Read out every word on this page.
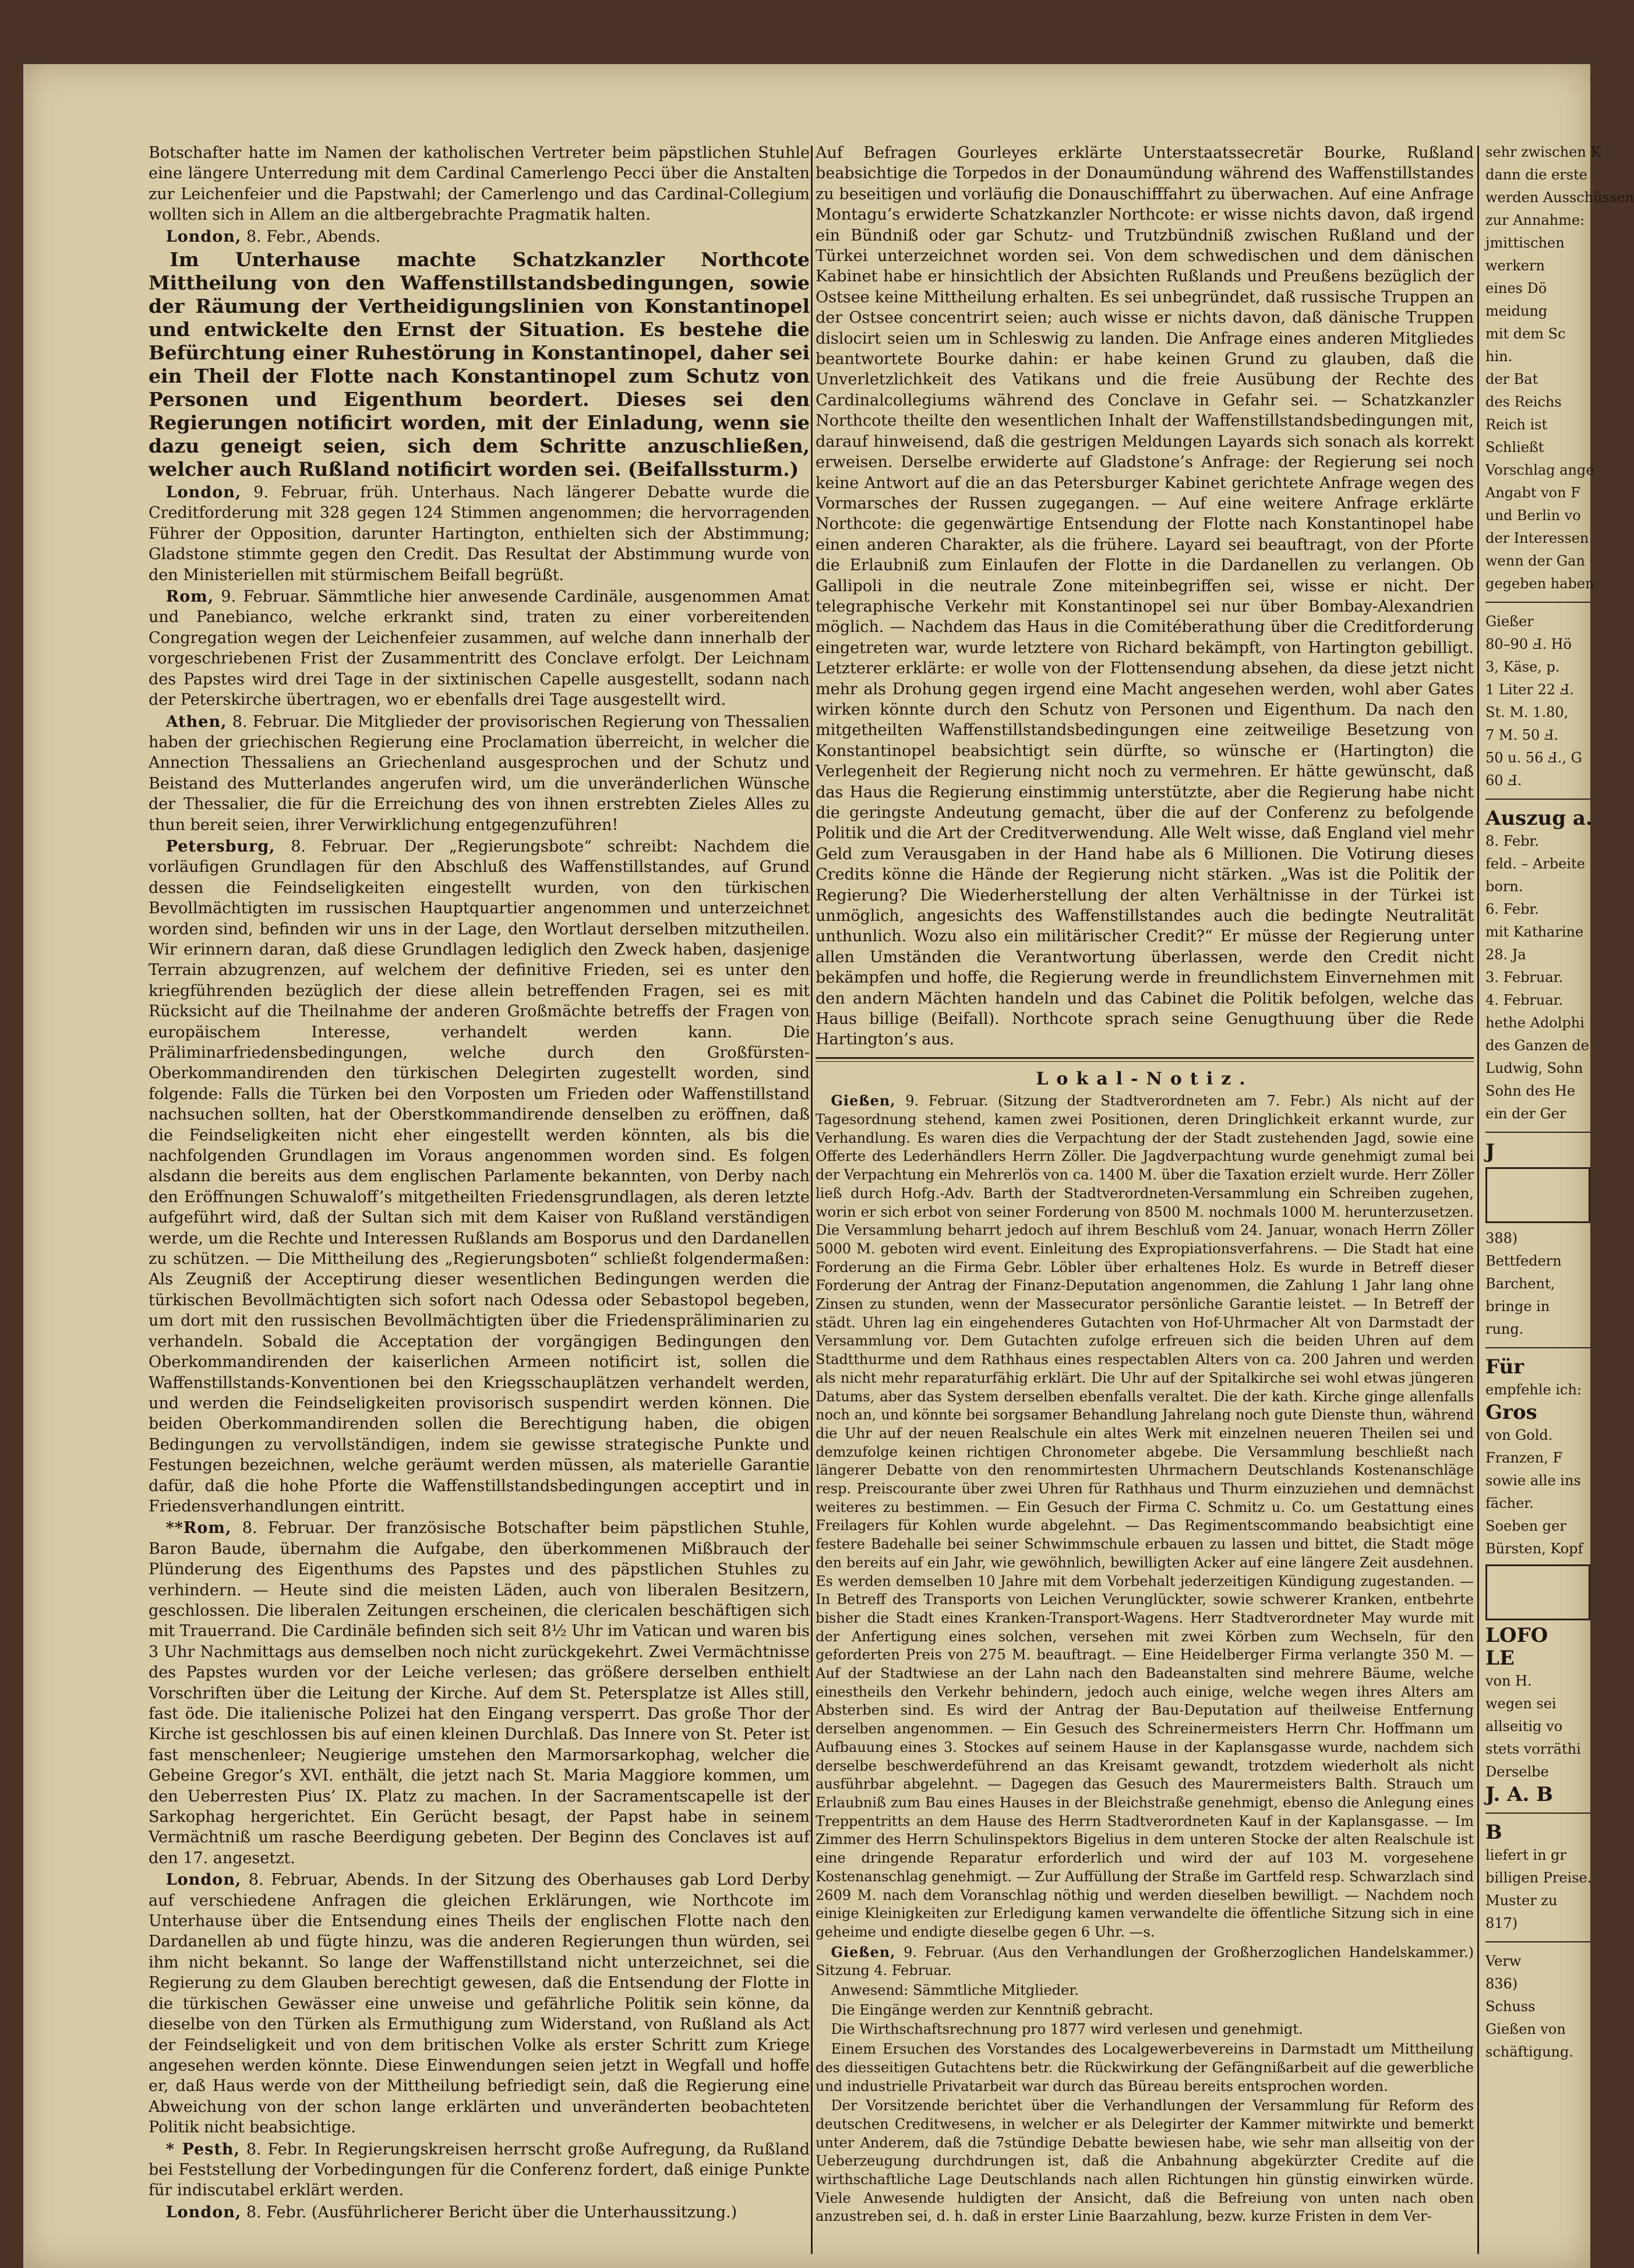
Botschafter hatte im Namen der katholischen Vertreter beim päpstlichen Stuhle eine längere Unterredung mit dem Cardinal Camerlengo Pecci über die Anstalten zur Leichenfeier und die Papstwahl; der Camerlengo und das Cardinal-Collegium wollten sich in Allem an die altbergebrachte Pragmatik halten.

London, 8. Febr., Abends.

Im Unterhause machte Schatzkanzler Northcote Mittheilung von den Waffenstillstandsbedingungen, sowie der Räumung der Vertheidigungslinien von Konstantinopel und entwickelte den Ernst der Situation. Es bestehe die Befürchtung einer Ruhestörung in Konstantinopel, daher sei ein Theil der Flotte nach Konstantinopel zum Schutz von Personen und Eigenthum beordert. Dieses sei den Regierungen notificirt worden, mit der Einladung, wenn sie dazu geneigt seien, sich dem Schritte anzuschließen, welcher auch Rußland notificirt worden sei. (Beifallssturm.)

London, 9. Februar, früh. Unterhaus. Nach längerer Debatte wurde die Creditforderung mit 328 gegen 124 Stimmen angenommen; die hervorragenden Führer der Opposition, darunter Hartington, enthielten sich der Abstimmung; Gladstone stimmte gegen den Credit. Das Resultat der Abstimmung wurde von den Ministeriellen mit stürmischem Beifall begrüßt.

Rom, 9. Februar. Sämmtliche hier anwesende Cardinäle, ausgenommen Amat und Panebianco, welche erkrankt sind, traten zu einer vorbereitenden Congregation wegen der Leichenfeier zusammen, auf welche dann innerhalb der vorgeschriebenen Frist der Zusammentritt des Conclave erfolgt. Der Leichnam des Papstes wird drei Tage in der sixtinischen Capelle ausgestellt, sodann nach der Peterskirche übertragen, wo er ebenfalls drei Tage ausgestellt wird.

Athen, 8. Februar. Die Mitglieder der provisorischen Regierung von Thessalien haben der griechischen Regierung eine Proclamation überreicht, in welcher die Annection Thessaliens an Griechenland ausgesprochen und der Schutz und Beistand des Mutterlandes angerufen wird, um die unveränderlichen Wünsche der Thessalier, die für die Erreichung des von ihnen erstrebten Zieles Alles zu thun bereit seien, ihrer Verwirklichung entgegenzuführen!

Petersburg, 8. Februar. Der „Regierungsbote“ schreibt: Nachdem die vorläufigen Grundlagen für den Abschluß des Waffenstillstandes, auf Grund dessen die Feindseligkeiten eingestellt wurden, von den türkischen Bevollmächtigten im russischen Hauptquartier angenommen und unterzeichnet worden sind, befinden wir uns in der Lage, den Wortlaut derselben mitzutheilen. Wir erinnern daran, daß diese Grundlagen lediglich den Zweck haben, dasjenige Terrain abzugrenzen, auf welchem der definitive Frieden, sei es unter den kriegführenden bezüglich der diese allein betreffenden Fragen, sei es mit Rücksicht auf die Theilnahme der anderen Großmächte betreffs der Fragen von europäischem Interesse, verhandelt werden kann. Die Präliminarfriedensbedingungen, welche durch den Großfürsten-Oberkommandirenden den türkischen Delegirten zugestellt worden, sind folgende: Falls die Türken bei den Vorposten um Frieden oder Waffenstillstand nachsuchen sollten, hat der Oberstkommandirende denselben zu eröffnen, daß die Feindseligkeiten nicht eher eingestellt werden könnten, als bis die nachfolgenden Grundlagen im Voraus angenommen worden sind. Es folgen alsdann die bereits aus dem englischen Parlamente bekannten, von Derby nach den Eröffnungen Schuwaloff’s mitgetheilten Friedensgrundlagen, als deren letzte aufgeführt wird, daß der Sultan sich mit dem Kaiser von Rußland verständigen werde, um die Rechte und Interessen Rußlands am Bosporus und den Dardanellen zu schützen. — Die Mittheilung des „Regierungsboten“ schließt folgendermaßen: Als Zeugniß der Acceptirung dieser wesentlichen Bedingungen werden die türkischen Bevollmächtigten sich sofort nach Odessa oder Sebastopol begeben, um dort mit den russischen Bevollmächtigten über die Friedenspräliminarien zu verhandeln. Sobald die Acceptation der vorgängigen Bedingungen den Oberkommandirenden der kaiserlichen Armeen notificirt ist, sollen die Waffenstillstands-Konventionen bei den Kriegsschauplätzen verhandelt werden, und werden die Feindseligkeiten provisorisch suspendirt werden können. Die beiden Oberkommandirenden sollen die Berechtigung haben, die obigen Bedingungen zu vervollständigen, indem sie gewisse strategische Punkte und Festungen bezeichnen, welche geräumt werden müssen, als materielle Garantie dafür, daß die hohe Pforte die Waffenstillstandsbedingungen acceptirt und in Friedensverhandlungen eintritt.

**Rom, 8. Februar. Der französische Botschafter beim päpstlichen Stuhle, Baron Baude, übernahm die Aufgabe, den überkommenen Mißbrauch der Plünderung des Eigenthums des Papstes und des päpstlichen Stuhles zu verhindern. — Heute sind die meisten Läden, auch von liberalen Besitzern, geschlossen. Die liberalen Zeitungen erscheinen, die clericalen beschäftigen sich mit Trauerrand. Die Cardinäle befinden sich seit 8½ Uhr im Vatican und waren bis 3 Uhr Nachmittags aus demselben noch nicht zurückgekehrt. Zwei Vermächtnisse des Papstes wurden vor der Leiche verlesen; das größere derselben enthielt Vorschriften über die Leitung der Kirche. Auf dem St. Petersplatze ist Alles still, fast öde. Die italienische Polizei hat den Eingang versperrt. Das große Thor der Kirche ist geschlossen bis auf einen kleinen Durchlaß. Das Innere von St. Peter ist fast menschenleer; Neugierige umstehen den Marmorsarkophag, welcher die Gebeine Gregor’s XVI. enthält, die jetzt nach St. Maria Maggiore kommen, um den Ueberresten Pius’ IX. Platz zu machen. In der Sacramentscapelle ist der Sarkophag hergerichtet. Ein Gerücht besagt, der Papst habe in seinem Vermächtniß um rasche Beerdigung gebeten. Der Beginn des Conclaves ist auf den 17. angesetzt.

London, 8. Februar, Abends. In der Sitzung des Oberhauses gab Lord Derby auf verschiedene Anfragen die gleichen Erklärungen, wie Northcote im Unterhause über die Entsendung eines Theils der englischen Flotte nach den Dardanellen ab und fügte hinzu, was die anderen Regierungen thun würden, sei ihm nicht bekannt. So lange der Waffenstillstand nicht unterzeichnet, sei die Regierung zu dem Glauben berechtigt gewesen, daß die Entsendung der Flotte in die türkischen Gewässer eine unweise und gefährliche Politik sein könne, da dieselbe von den Türken als Ermuthigung zum Widerstand, von Rußland als Act der Feindseligkeit und von dem britischen Volke als erster Schritt zum Kriege angesehen werden könnte. Diese Einwendungen seien jetzt in Wegfall und hoffe er, daß Haus werde von der Mittheilung befriedigt sein, daß die Regierung eine Abweichung von der schon lange erklärten und unveränderten beobachteten Politik nicht beabsichtige.

* Pesth, 8. Febr. In Regierungskreisen herrscht große Aufregung, da Rußland bei Feststellung der Vorbedingungen für die Conferenz fordert, daß einige Punkte für indiscutabel erklärt werden.

London, 8. Febr. (Ausführlicherer Bericht über die Unterhaussitzung.)

Auf Befragen Gourleyes erklärte Unterstaatssecretär Bourke, Rußland beabsichtige die Torpedos in der Donaumündung während des Waffenstillstandes zu beseitigen und vorläufig die Donauschifffahrt zu überwachen. Auf eine Anfrage Montagu’s erwiderte Schatzkanzler Northcote: er wisse nichts davon, daß irgend ein Bündniß oder gar Schutz- und Trutzbündniß zwischen Rußland und der Türkei unterzeichnet worden sei. Von dem schwedischen und dem dänischen Kabinet habe er hinsichtlich der Absichten Rußlands und Preußens bezüglich der Ostsee keine Mittheilung erhalten. Es sei unbegründet, daß russische Truppen an der Ostsee concentrirt seien; auch wisse er nichts davon, daß dänische Truppen dislocirt seien um in Schleswig zu landen. Die Anfrage eines anderen Mitgliedes beantwortete Bourke dahin: er habe keinen Grund zu glauben, daß die Unverletzlichkeit des Vatikans und die freie Ausübung der Rechte des Cardinalcollegiums während des Conclave in Gefahr sei. — Schatzkanzler Northcote theilte den wesentlichen Inhalt der Waffenstillstandsbedingungen mit, darauf hinweisend, daß die gestrigen Meldungen Layards sich sonach als korrekt erweisen. Derselbe erwiderte auf Gladstone’s Anfrage: der Regierung sei noch keine Antwort auf die an das Petersburger Kabinet gerichtete Anfrage wegen des Vormarsches der Russen zugegangen. — Auf eine weitere Anfrage erklärte Northcote: die gegenwärtige Entsendung der Flotte nach Konstantinopel habe einen anderen Charakter, als die frühere. Layard sei beauftragt, von der Pforte die Erlaubniß zum Einlaufen der Flotte in die Dardanellen zu verlangen. Ob Gallipoli in die neutrale Zone miteinbegriffen sei, wisse er nicht. Der telegraphische Verkehr mit Konstantinopel sei nur über Bombay-Alexandrien möglich. — Nachdem das Haus in die Comitéberathung über die Creditforderung eingetreten war, wurde letztere von Richard bekämpft, von Hartington gebilligt. Letzterer erklärte: er wolle von der Flottensendung absehen, da diese jetzt nicht mehr als Drohung gegen irgend eine Macht angesehen werden, wohl aber Gates wirken könnte durch den Schutz von Personen und Eigenthum. Da nach den mitgetheilten Waffenstillstandsbedingungen eine zeitweilige Besetzung von Konstantinopel beabsichtigt sein dürfte, so wünsche er (Hartington) die Verlegenheit der Regierung nicht noch zu vermehren. Er hätte gewünscht, daß das Haus die Regierung einstimmig unterstützte, aber die Regierung habe nicht die geringste Andeutung gemacht, über die auf der Conferenz zu befolgende Politik und die Art der Creditverwendung. Alle Welt wisse, daß England viel mehr Geld zum Verausgaben in der Hand habe als 6 Millionen. Die Votirung dieses Credits könne die Hände der Regierung nicht stärken. „Was ist die Politik der Regierung? Die Wiederherstellung der alten Verhältnisse in der Türkei ist unmöglich, angesichts des Waffenstillstandes auch die bedingte Neutralität unthunlich. Wozu also ein militärischer Credit?“ Er müsse der Regierung unter allen Umständen die Verantwortung überlassen, werde den Credit nicht bekämpfen und hoffe, die Regierung werde in freundlichstem Einvernehmen mit den andern Mächten handeln und das Cabinet die Politik befolgen, welche das Haus billige (Beifall). Northcote sprach seine Genugthuung über die Rede Hartington’s aus.

Lokal-Notiz.

Gießen, 9. Februar. (Sitzung der Stadtverordneten am 7. Febr.) Als nicht auf der Tagesordnung stehend, kamen zwei Positionen, deren Dringlichkeit erkannt wurde, zur Verhandlung. Es waren dies die Verpachtung der der Stadt zustehenden Jagd, sowie eine Offerte des Lederhändlers Herrn Zöller. Die Jagdverpachtung wurde genehmigt zumal bei der Verpachtung ein Mehrerlös von ca. 1400 M. über die Taxation erzielt wurde. Herr Zöller ließ durch Hofg.-Adv. Barth der Stadtverordneten-Versammlung ein Schreiben zugehen, worin er sich erbot von seiner Forderung von 8500 M. nochmals 1000 M. herunterzusetzen. Die Versammlung beharrt jedoch auf ihrem Beschluß vom 24. Januar, wonach Herrn Zöller 5000 M. geboten wird event. Einleitung des Expropiationsverfahrens. — Die Stadt hat eine Forderung an die Firma Gebr. Löbler über erhaltenes Holz. Es wurde in Betreff dieser Forderung der Antrag der Finanz-Deputation angenommen, die Zahlung 1 Jahr lang ohne Zinsen zu stunden, wenn der Massecurator persönliche Garantie leistet. — In Betreff der städt. Uhren lag ein eingehenderes Gutachten von Hof-Uhrmacher Alt von Darmstadt der Versammlung vor. Dem Gutachten zufolge erfreuen sich die beiden Uhren auf dem Stadtthurme und dem Rathhaus eines respectablen Alters von ca. 200 Jahren und werden als nicht mehr reparaturfähig erklärt. Die Uhr auf der Spitalkirche sei wohl etwas jüngeren Datums, aber das System derselben ebenfalls veraltet. Die der kath. Kirche ginge allenfalls noch an, und könnte bei sorgsamer Behandlung Jahrelang noch gute Dienste thun, während die Uhr auf der neuen Realschule ein altes Werk mit einzelnen neueren Theilen sei und demzufolge keinen richtigen Chronometer abgebe. Die Versammlung beschließt nach längerer Debatte von den renommirtesten Uhrmachern Deutschlands Kostenanschläge resp. Preiscourante über zwei Uhren für Rathhaus und Thurm einzuziehen und demnächst weiteres zu bestimmen. — Ein Gesuch der Firma C. Schmitz u. Co. um Gestattung eines Freilagers für Kohlen wurde abgelehnt. — Das Regimentscommando beabsichtigt eine festere Badehalle bei seiner Schwimmschule erbauen zu lassen und bittet, die Stadt möge den bereits auf ein Jahr, wie gewöhnlich, bewilligten Acker auf eine längere Zeit ausdehnen. Es werden demselben 10 Jahre mit dem Vorbehalt jederzeitigen Kündigung zugestanden. — In Betreff des Transports von Leichen Verunglückter, sowie schwerer Kranken, entbehrte bisher die Stadt eines Kranken-Transport-Wagens. Herr Stadtverordneter May wurde mit der Anfertigung eines solchen, versehen mit zwei Körben zum Wechseln, für den geforderten Preis von 275 M. beauftragt. — Eine Heidelberger Firma verlangte 350 M. — Auf der Stadtwiese an der Lahn nach den Badeanstalten sind mehrere Bäume, welche einestheils den Verkehr behindern, jedoch auch einige, welche wegen ihres Alters am Absterben sind. Es wird der Antrag der Bau-Deputation auf theilweise Entfernung derselben angenommen. — Ein Gesuch des Schreinermeisters Herrn Chr. Hoffmann um Aufbauung eines 3. Stockes auf seinem Hause in der Kaplansgasse wurde, nachdem sich derselbe beschwerdeführend an das Kreisamt gewandt, trotzdem wiederholt als nicht ausführbar abgelehnt. — Dagegen das Gesuch des Maurermeisters Balth. Strauch um Erlaubniß zum Bau eines Hauses in der Bleichstraße genehmigt, ebenso die Anlegung eines Treppentritts an dem Hause des Herrn Stadtverordneten Kauf in der Kaplansgasse. — Im Zimmer des Herrn Schulinspektors Bigelius in dem unteren Stocke der alten Realschule ist eine dringende Reparatur erforderlich und wird der auf 103 M. vorgesehene Kostenanschlag genehmigt. — Zur Auffüllung der Straße im Gartfeld resp. Schwarzlach sind 2609 M. nach dem Voranschlag nöthig und werden dieselben bewilligt. — Nachdem noch einige Kleinigkeiten zur Erledigung kamen verwandelte die öffentliche Sitzung sich in eine geheime und endigte dieselbe gegen 6 Uhr. —s.

Gießen, 9. Februar. (Aus den Verhandlungen der Großherzoglichen Handelskammer.) Sitzung 4. Februar.

Anwesend: Sämmtliche Mitglieder.

Die Eingänge werden zur Kenntniß gebracht.

Die Wirthschaftsrechnung pro 1877 wird verlesen und genehmigt.

Einem Ersuchen des Vorstandes des Localgewerbevereins in Darmstadt um Mittheilung des diesseitigen Gutachtens betr. die Rückwirkung der Gefängnißarbeit auf die gewerbliche und industrielle Privatarbeit war durch das Büreau bereits entsprochen worden.

Der Vorsitzende berichtet über die Verhandlungen der Versammlung für Reform des deutschen Creditwesens, in welcher er als Delegirter der Kammer mitwirkte und bemerkt unter Anderem, daß die 7stündige Debatte bewiesen habe, wie sehr man allseitig von der Ueberzeugung durchdrungen ist, daß die Anbahnung abgekürzter Credite auf die wirthschaftliche Lage Deutschlands nach allen Richtungen hin günstig einwirken würde. Viele Anwesende huldigten der Ansicht, daß die Befreiung von unten nach oben anzustreben sei, d. h. daß in erster Linie Baarzahlung, bezw. kurze Fristen in dem Ver-

sehr zwischen K
dann die erste
werden Ausschüssen
zur Annahme:
jmittischen
werkern
eines Dö
meidung
mit dem Sc
hin.
der Bat
des Reichs
Reich ist
Schließt
Vorschlag ange
Angabt von F
und Berlin vo
der Interessen
wenn der Gan
gegeben haben
Gießer
80–90 Ⅎ. Hö
3, Käse, p.
1 Liter 22 Ⅎ.
St. M. 1.80,
7 M. 50 Ⅎ.
50 u. 56 Ⅎ., G
60 Ⅎ.
Auszug a.
8. Febr.
feld. – Arbeite
born.
6. Febr.
mit Katharine
28. Ja
3. Februar.
4. Februar.
hethe Adolphi
des Ganzen de
Ludwig, Sohn
Sohn des He
ein der Ger
J
388)
Bettfedern
Barchent,
bringe in
rung.
Für
empfehle ich:
Gros
von Gold.
Franzen, F
sowie alle ins
fächer.
Soeben ger
Bürsten, Kopf
LOFO
LE
von H.
wegen sei
allseitig vo
stets vorräthi
Derselbe
J. A. B
B
liefert in gr
billigen Preise.
Muster zu
817)
Verw
836)
Schuss
Gießen von
schäftigung.
